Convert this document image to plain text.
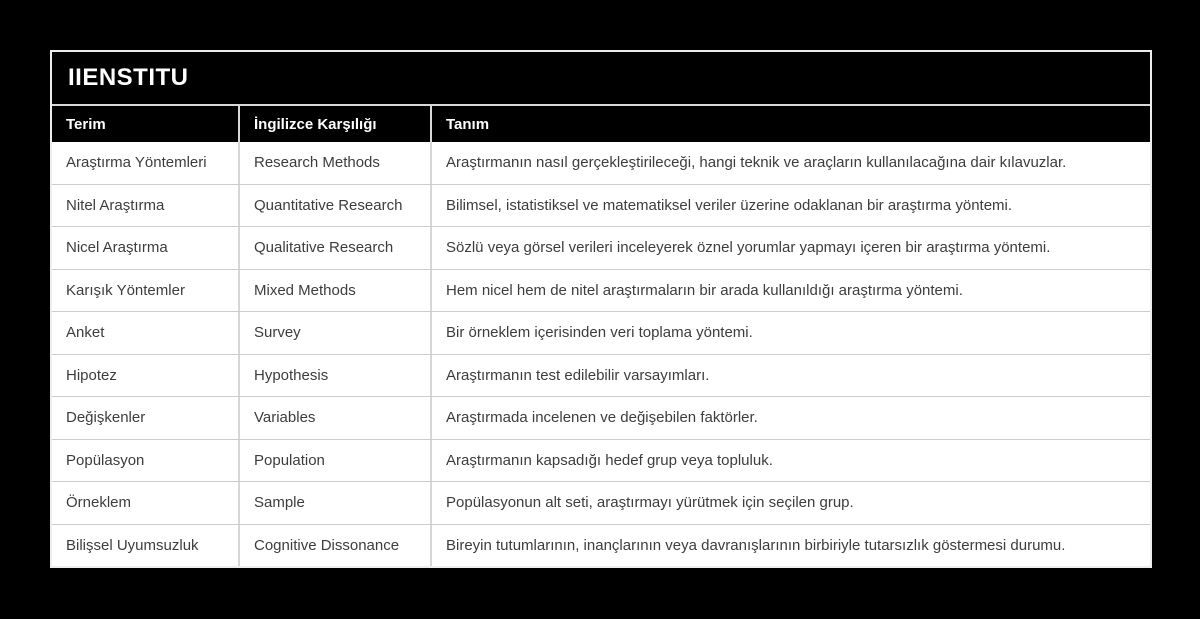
IIENSTITU
Terim	İngilizce Karşılığı	Tanım
Araştırma Yöntemleri	Research Methods	Araştırmanın nasıl gerçekleştirileceği, hangi teknik ve araçların kullanılacağına dair kılavuzlar.
Nitel Araştırma	Quantitative Research	Bilimsel, istatistiksel ve matematiksel veriler üzerine odaklanan bir araştırma yöntemi.
Nicel Araştırma	Qualitative Research	Sözlü veya görsel verileri inceleyerek öznel yorumlar yapmayı içeren bir araştırma yöntemi.
Karışık Yöntemler	Mixed Methods	Hem nicel hem de nitel araştırmaların bir arada kullanıldığı araştırma yöntemi.
Anket	Survey	Bir örneklem içerisinden veri toplama yöntemi.
Hipotez	Hypothesis	Araştırmanın test edilebilir varsayımları.
Değişkenler	Variables	Araştırmada incelenen ve değişebilen faktörler.
Popülasyon	Population	Araştırmanın kapsadığı hedef grup veya topluluk.
Örneklem	Sample	Popülasyonun alt seti, araştırmayı yürütmek için seçilen grup.
Bilişsel Uyumsuzluk	Cognitive Dissonance	Bireyin tutumlarının, inançlarının veya davranışlarının birbiriyle tutarsızlık göstermesi durumu.
